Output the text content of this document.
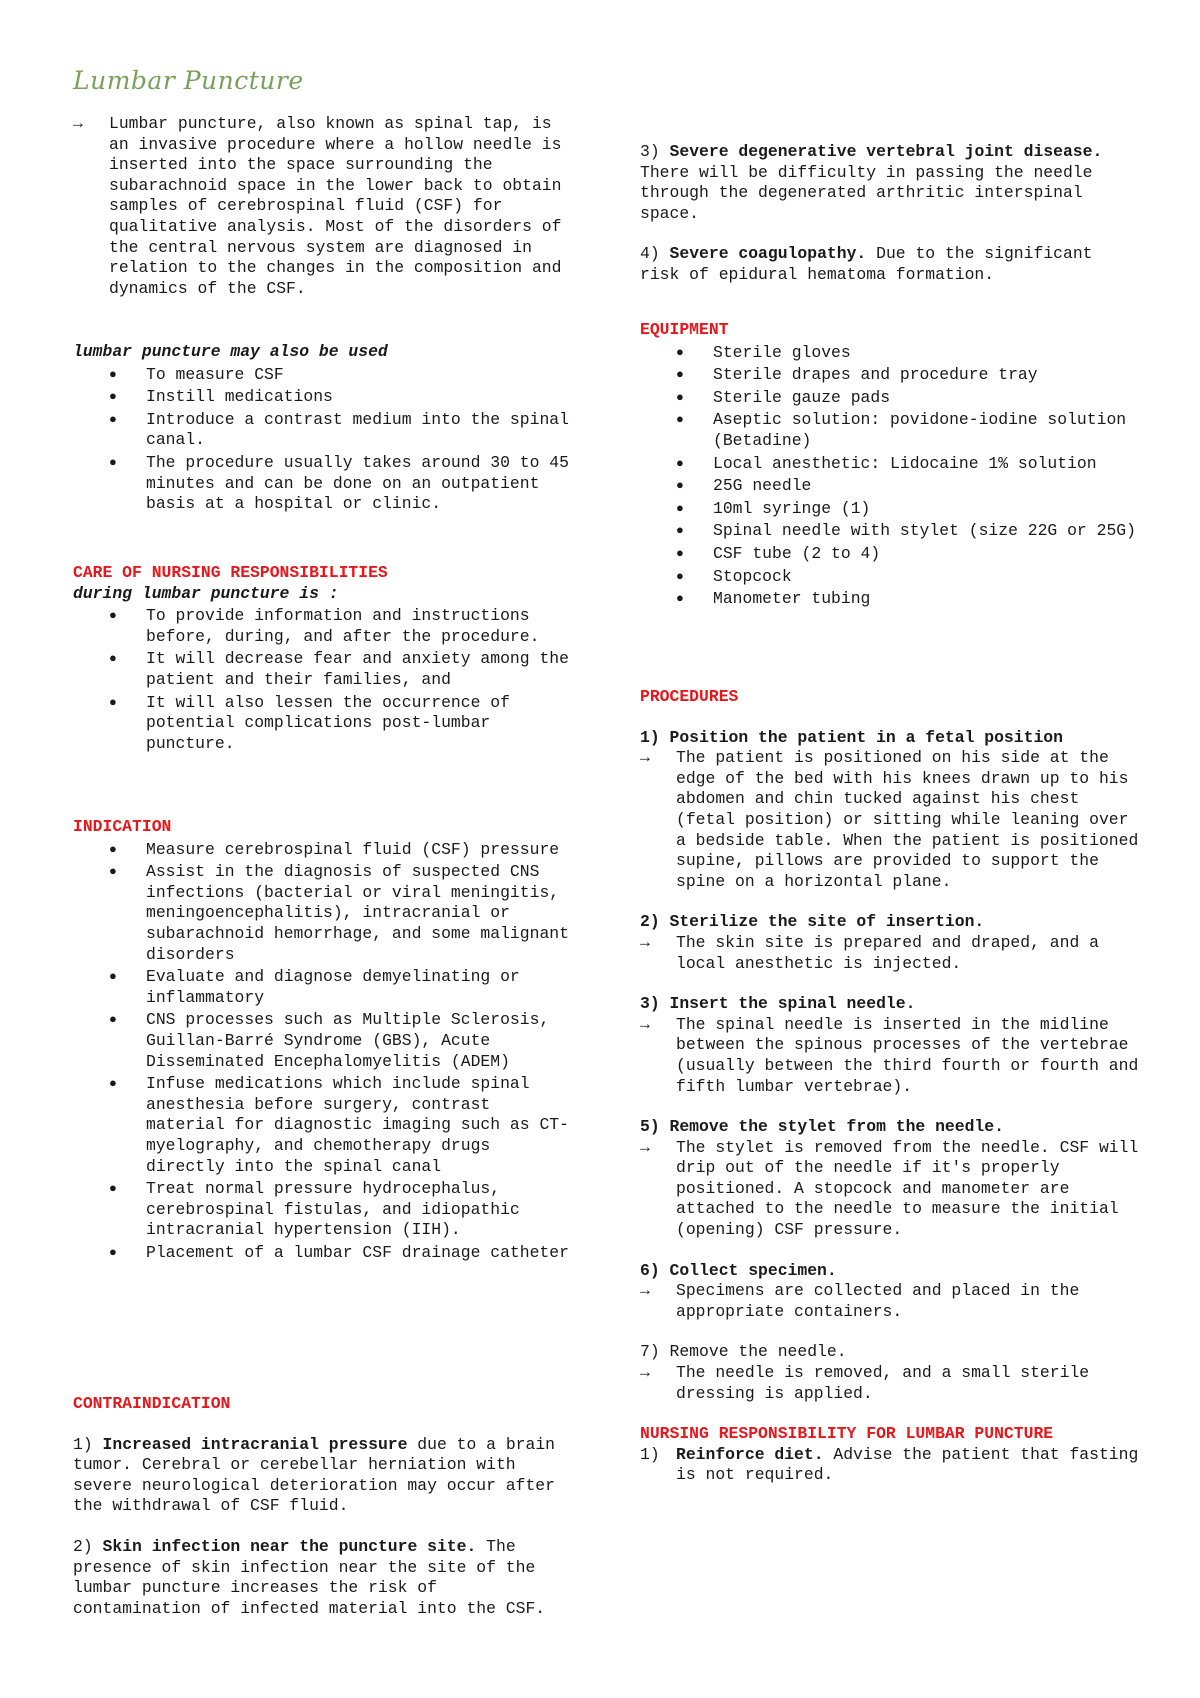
Lumbar Puncture
→	Lumbar puncture, also known as spinal tap, is an invasive procedure where a hollow needle is inserted into the space surrounding the subarachnoid space in the lower back to obtain samples of cerebrospinal fluid (CSF) for qualitative analysis. Most of the disorders of the central nervous system are diagnosed in relation to the changes in the composition and dynamics of the CSF.

lumbar puncture may also be used

●
To measure CSF
●
Instill medications
●
Introduce a contrast medium into the spinal canal.
●
The procedure usually takes around 30 to 45 minutes and can be done on an outpatient basis at a hospital or clinic.

CARE OF NURSING RESPONSIBILITIES

during lumbar puncture is :

●
To provide information and instructions before, during, and after the procedure.
●
It will decrease fear and anxiety among the patient and their families, and
●
It will also lessen the occurrence of potential complications post-lumbar puncture.

INDICATION

●
Measure cerebrospinal fluid (CSF) pressure
●
Assist in the diagnosis of suspected CNS infections (bacterial or viral meningitis, meningoencephalitis), intracranial or subarachnoid hemorrhage, and some malignant disorders
●
Evaluate and diagnose demyelinating or inflammatory
●
CNS processes such as Multiple Sclerosis, Guillan-Barré Syndrome (GBS), Acute Disseminated Encephalomyelitis (ADEM)
●
Infuse medications which include spinal anesthesia before surgery, contrast material for diagnostic imaging such as CT-myelography, and chemotherapy drugs directly into the spinal canal
●
Treat normal pressure hydrocephalus, cerebrospinal fistulas, and idiopathic intracranial hypertension (IIH).
●
Placement of a lumbar CSF drainage catheter

CONTRAINDICATION

1) Increased intracranial pressure due to a brain tumor. Cerebral or cerebellar herniation with severe neurological deterioration may occur after the withdrawal of CSF fluid.

2) Skin infection near the puncture site. The presence of skin infection near the site of the lumbar puncture increases the risk of contamination of infected material into the CSF.

3) Severe degenerative vertebral joint disease. There will be difficulty in passing the needle through the degenerated arthritic interspinal space.

4) Severe coagulopathy. Due to the significant risk of epidural hematoma formation.

EQUIPMENT

●
Sterile gloves
●
Sterile drapes and procedure tray
●
Sterile gauze pads
●
Aseptic solution: povidone-iodine solution (Betadine)
●
Local anesthetic: Lidocaine 1% solution
●
25G needle
●
10ml syringe (1)
●
Spinal needle with stylet (size 22G or 25G)
●
CSF tube (2 to 4)
●
Stopcock
●
Manometer tubing

PROCEDURES

1) Position the patient in a fetal position

→	The patient is positioned on his side at the edge of the bed with his knees drawn up to his abdomen and chin tucked against his chest (fetal position) or sitting while leaning over a bedside table. When the patient is positioned supine, pillows are provided to support the spine on a horizontal plane.

2) Sterilize the site of insertion.

→	The skin site is prepared and draped, and a local anesthetic is injected.

3) Insert the spinal needle.

→	The spinal needle is inserted in the midline between the spinous processes of the vertebrae (usually between the third fourth or fourth and fifth lumbar vertebrae).

5) Remove the stylet from the needle.

→	The stylet is removed from the needle. CSF will drip out of the needle if it's properly positioned. A stopcock and manometer are attached to the needle to measure the initial (opening) CSF pressure.

6) Collect specimen.

→	Specimens are collected and placed in the appropriate containers.

7) Remove the needle.

→	The needle is removed, and a small sterile dressing is applied.

NURSING RESPONSIBILITY FOR LUMBAR PUNCTURE

1) Reinforce diet. Advise the patient that fasting is not required.
